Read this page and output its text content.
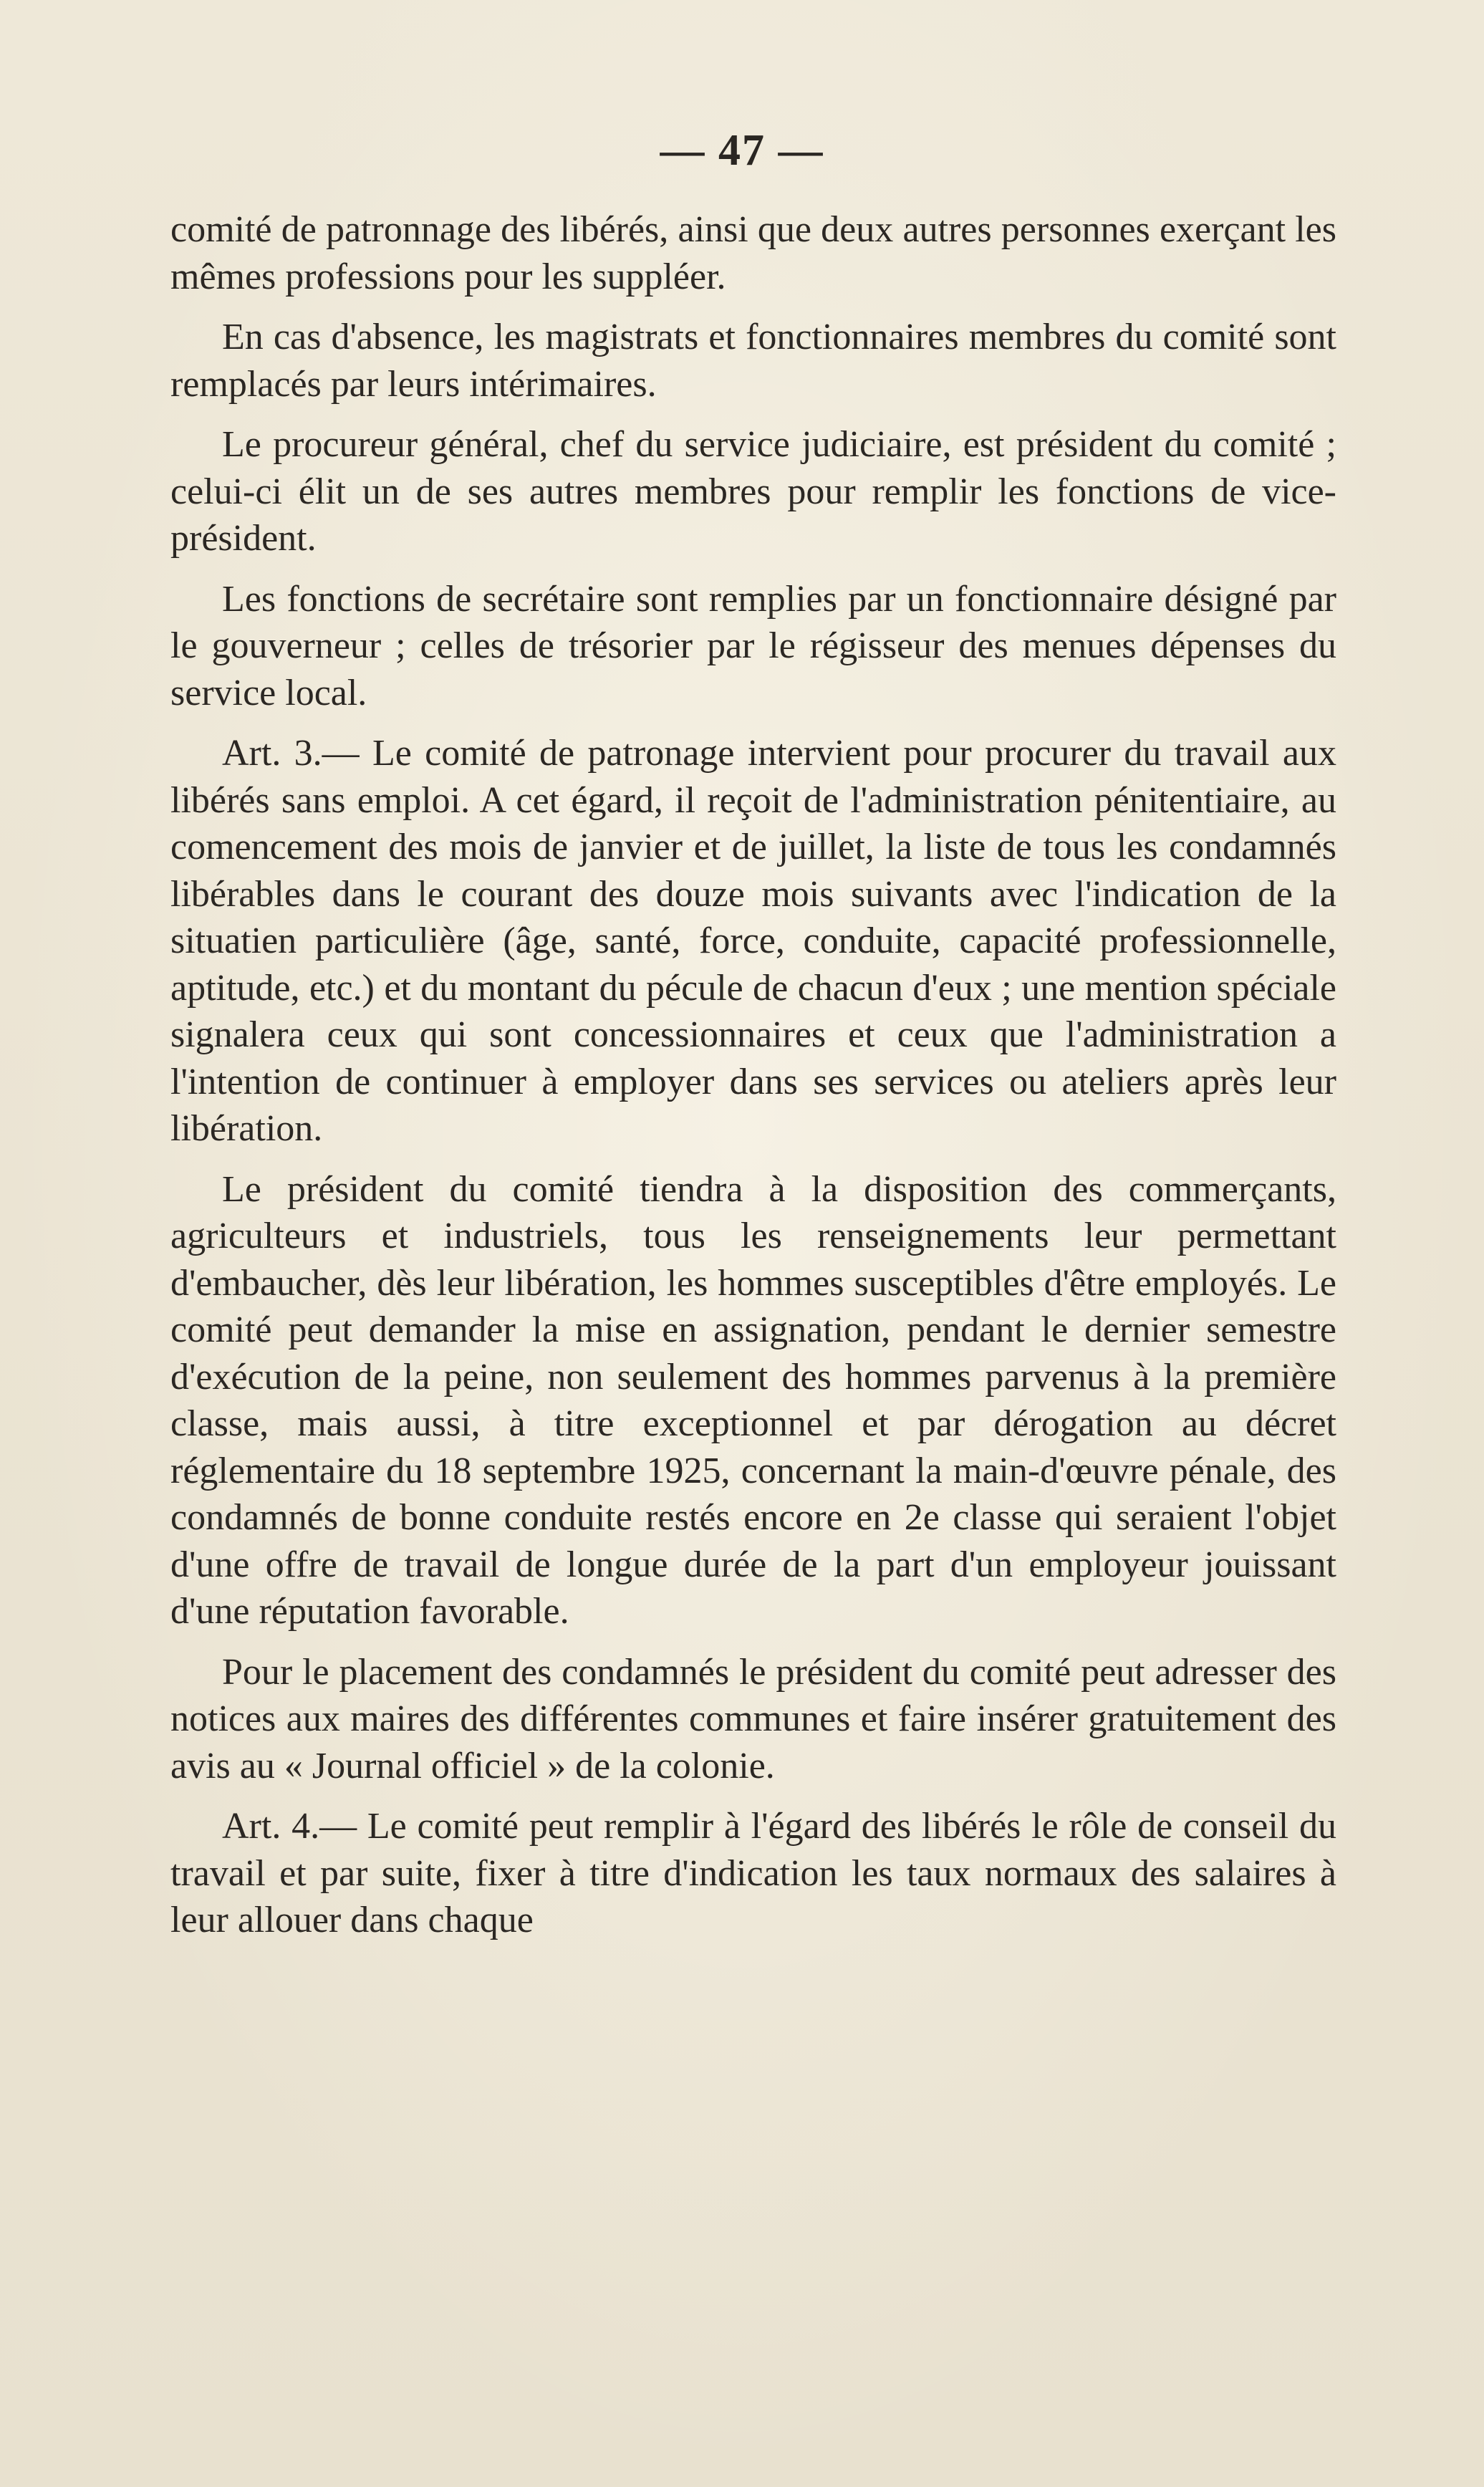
— 47 —

comité de patronnage des libérés, ainsi que deux autres personnes exerçant les mêmes professions pour les suppléer.

En cas d'absence, les magistrats et fonctionnaires membres du comité sont remplacés par leurs intérimaires.

Le procureur général, chef du service judiciaire, est président du comité ; celui-ci élit un de ses autres membres pour remplir les fonctions de vice-président.

Les fonctions de secrétaire sont remplies par un fonctionnaire désigné par le gouverneur ; celles de trésorier par le régisseur des menues dépenses du service local.

Art. 3.— Le comité de patronage intervient pour procurer du travail aux libérés sans emploi. A cet égard, il reçoit de l'administration pénitentiaire, au comencement des mois de janvier et de juillet, la liste de tous les condamnés libérables dans le courant des douze mois suivants avec l'indication de la situatien particulière (âge, santé, force, conduite, capacité professionnelle, aptitude, etc.) et du montant du pécule de chacun d'eux ; une mention spéciale signalera ceux qui sont concessionnaires et ceux que l'administration a l'intention de continuer à employer dans ses services ou ateliers après leur libération.

Le président du comité tiendra à la disposition des commerçants, agriculteurs et industriels, tous les renseignements leur permettant d'embaucher, dès leur libération, les hommes susceptibles d'être employés. Le comité peut demander la mise en assignation, pendant le dernier semestre d'exécution de la peine, non seulement des hommes parvenus à la première classe, mais aussi, à titre exceptionnel et par dérogation au décret réglementaire du 18 septembre 1925, concernant la main-d'œuvre pénale, des condamnés de bonne conduite restés encore en 2e classe qui seraient l'objet d'une offre de travail de longue durée de la part d'un employeur jouissant d'une réputation favorable.

Pour le placement des condamnés le président du comité peut adresser des notices aux maires des différentes communes et faire insérer gratuitement des avis au « Journal officiel » de la colonie.

Art. 4.— Le comité peut remplir à l'égard des libérés le rôle de conseil du travail et par suite, fixer à titre d'indication les taux normaux des salaires à leur allouer dans chaque
